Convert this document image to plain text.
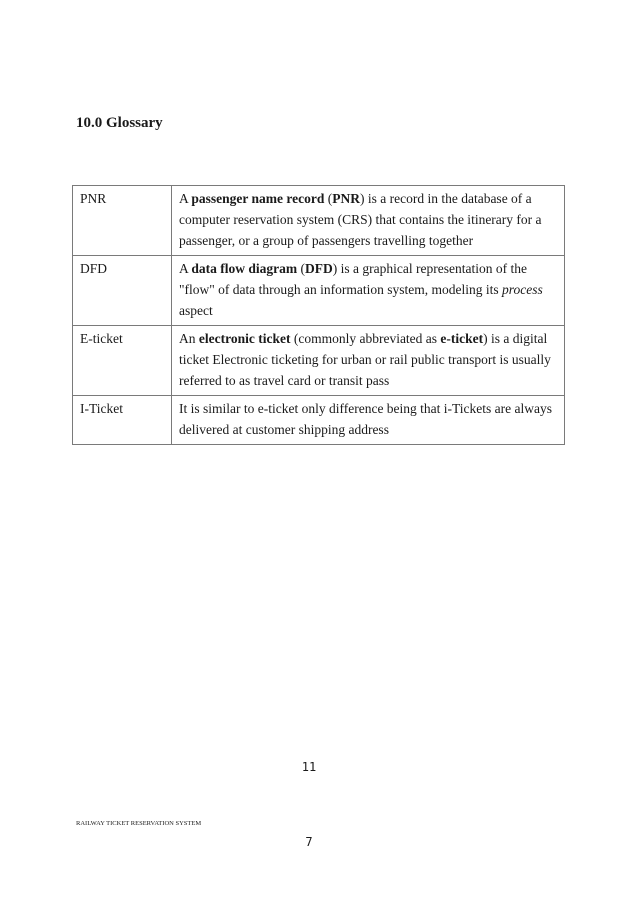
10.0 Glossary
PNR	A passenger name record (PNR) is a record in the database of a computer reservation system (CRS) that contains the itinerary for a passenger, or a group of passengers travelling together
DFD	A data flow diagram (DFD) is a graphical representation of the "flow" of data through an information system, modeling its process aspect
E-ticket	An electronic ticket (commonly abbreviated as e-ticket) is a digital ticket Electronic ticketing for urban or rail public transport is usually referred to as travel card or transit pass
I-Ticket	It is similar to e-ticket only difference being that i-Tickets are always delivered at customer shipping address
11
RAILWAY TICKET RESERVATION SYSTEM
7
